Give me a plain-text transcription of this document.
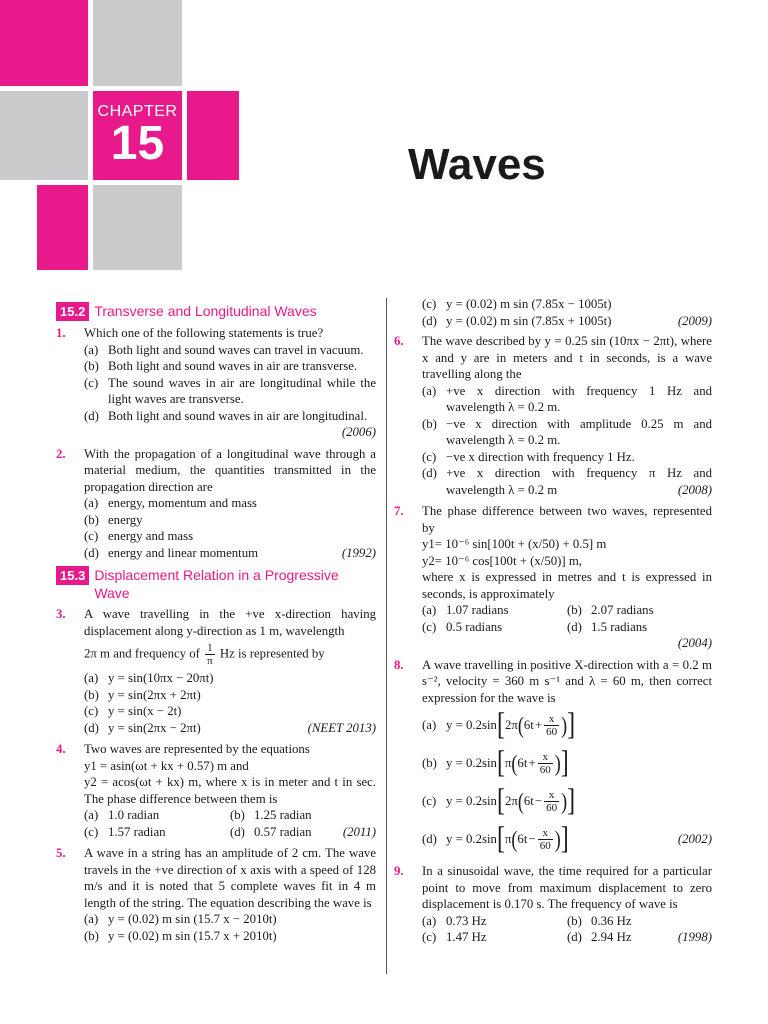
CHAPTER
15	Waves
15.2 Transverse and Longitudinal Waves
1. Which one of the following statements is true?
(a) Both light and sound waves can travel in vacuum.
(b) Both light and sound waves in air are transverse.
(c) The sound waves in air are longitudinal while the light waves are transverse.
(d) Both light and sound waves in air are longitudinal.
(2006)
2. With the propagation of a longitudinal wave through a material medium, the quantities transmitted in the propagation direction are
(a) energy, momentum and mass
(b) energy
(c) energy and mass
(d) energy and linear momentum	(1992)
15.3 Displacement Relation in a Progressive Wave
3. A wave travelling in the +ve x-direction having displacement along y-direction as 1 m, wavelength
2π m and frequency of $\frac{1}{\pi}$ Hz is represented by
(a) y = sin(10πx − 20πt)
(b) y = sin(2πx + 2πt)
(c) y = sin(x − 2t)
(d) y = sin(2πx − 2πt)	(NEET 2013)
4. Two waves are represented by the equations
y1 = asin(ωt + kx + 0.57) m and
y2 = acos(ωt + kx) m, where x is in meter and t in sec. The phase difference between them is
(a) 1.0 radian	(b) 1.25 radian
(c) 1.57 radian	(d) 0.57 radian	(2011)
5. A wave in a string has an amplitude of 2 cm. The wave travels in the +ve direction of x axis with a speed of 128 m/s and it is noted that 5 complete waves fit in 4 m length of the string. The equation describing the wave is
(a) y = (0.02) m sin (15.7 x − 2010t)
(b) y = (0.02) m sin (15.7 x + 2010t)
(c) y = (0.02) m sin (7.85x − 1005t)
(d) y = (0.02) m sin (7.85x + 1005t)	(2009)
6. The wave described by y = 0.25 sin (10πx − 2πt), where x and y are in meters and t in seconds, is a wave travelling along the
(a) +ve x direction with frequency 1 Hz and wavelength λ = 0.2 m.
(b) −ve x direction with amplitude 0.25 m and wavelength λ = 0.2 m.
(c) −ve x direction with frequency 1 Hz.
(d) +ve x direction with frequency π Hz and wavelength λ = 0.2 m	(2008)
7. The phase difference between two waves, represented by
y1= 10⁻⁶ sin[100t + (x/50) + 0.5] m
y2= 10⁻⁶ cos[100t + (x/50)] m,
where x is expressed in metres and t is expressed in seconds, is approximately
(a) 1.07 radians	(b) 2.07 radians
(c) 0.5 radians	(d) 1.5 radians
(2004)
8. A wave travelling in positive X-direction with a = 0.2 m s⁻², velocity = 360 m s⁻¹ and λ = 60 m, then correct expression for the wave is
(a) y = 0.2sin [ 2π ( 6t
  + $\frac{x}{60}$ ) ]
(b) y = 0.2sin [ π ( 6t
  + $\frac{x}{60}$ ) ]
(c) y = 0.2sin [ 2π ( 6t
  − $\frac{x}{60}$ ) ]
(d) y = 0.2sin [ π ( 6t
  − $\frac{x}{60}$ ) ]	(2002)
9. In a sinusoidal wave, the time required for a particular point to move from maximum displacement to zero displacement is 0.170 s. The frequency of wave is
(a) 0.73 Hz	(b) 0.36 Hz
(c) 1.47 Hz	(d) 2.94 Hz	(1998)
